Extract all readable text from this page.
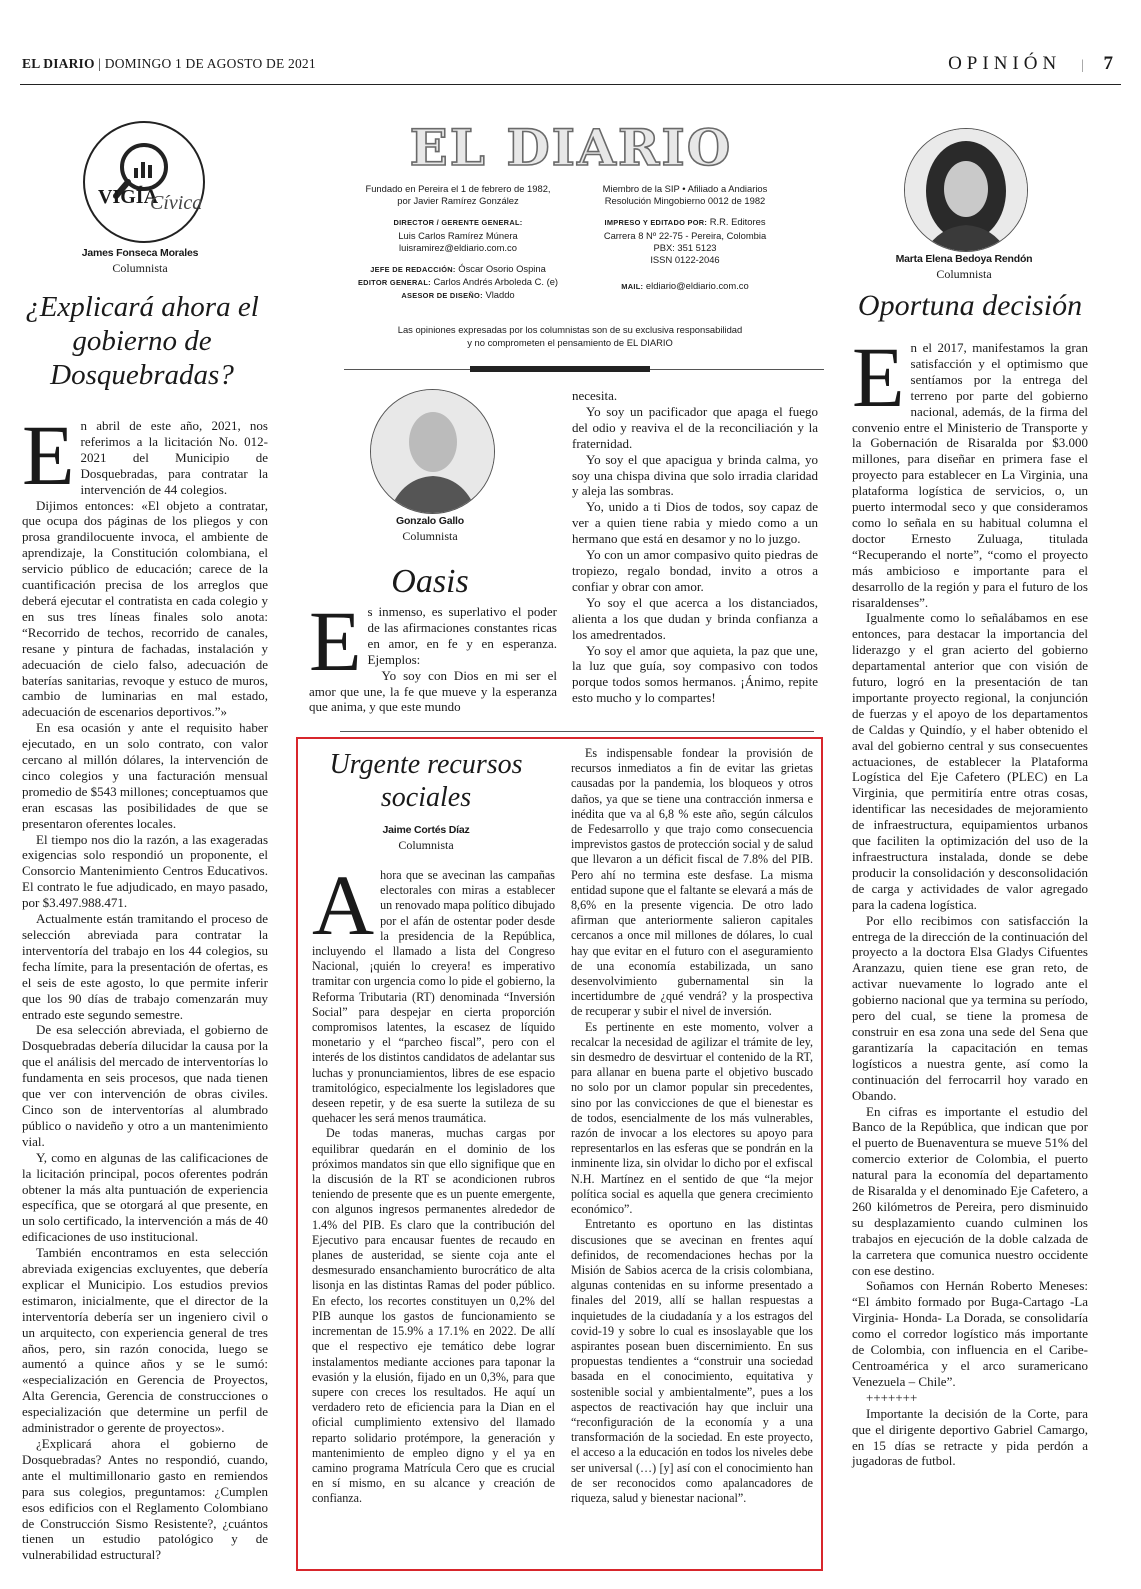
EL DIARIO | DOMINGO 1 DE AGOSTO DE 2021	OPINIÓN | 7
EL DIARIO

Fundado en Pereira el 1 de febrero de 1982,
por Javier Ramírez González

DIRECTOR / GERENTE GENERAL:
Luis Carlos Ramírez Múnera
luisramirez@eldiario.com.co

JEFE DE REDACCIÓN: Óscar Osorio Ospina
EDITOR GENERAL: Carlos Andrés Arboleda C. (e)
ASESOR DE DISEÑO: Vladdo

Miembro de la SIP • Afiliado a Andiarios
Resolución Mingobierno 0012 de 1982

IMPRESO Y EDITADO POR: R.R. Editores
Carrera 8 Nº 22-75 - Pereira, Colombia
PBX: 351 5123
ISSN 0122-2046

MAIL: eldiario@eldiario.com.co

Las opiniones expresadas por los columnistas son de su exclusiva responsabilidad
y no comprometen el pensamiento de EL DIARIO
VIGÍA
Cívica
James Fonseca Morales
Columnista
¿Explicará ahora el gobierno de Dosquebradas?
E n abril de este año, 2021, nos referimos a la licitación No. 012-2021 del Municipio de Dosquebradas, para contratar la intervención de 44 colegios.

Dijimos entonces: «El objeto a contratar, que ocupa dos páginas de los pliegos y con prosa grandilocuente invoca, el ambiente de aprendizaje, la Constitución colombiana, el servicio público de educación; carece de la cuantificación precisa de los arreglos que deberá ejecutar el contratista en cada colegio y en sus tres líneas finales solo anota: “Recorrido de techos, recorrido de canales, resane y pintura de fachadas, instalación y adecuación de cielo falso, adecuación de baterías sanitarias, revoque y estuco de muros, cambio de luminarias en mal estado, adecuación de escenarios deportivos.”»

En esa ocasión y ante el requisito haber ejecutado, en un solo contrato, con valor cercano al millón dólares, la intervención de cinco colegios y una facturación mensual promedio de $543 millones; conceptuamos que eran escasas las posibilidades de que se presentaron oferentes locales.

El tiempo nos dio la razón, a las exageradas exigencias solo respondió un proponente, el Consorcio Mantenimiento Centros Educativos. El contrato le fue adjudicado, en mayo pasado, por $3.497.988.471.

Actualmente están tramitando el proceso de selección abreviada para contratar la interventoría del trabajo en los 44 colegios, su fecha límite, para la presentación de ofertas, es el seis de este agosto, lo que permite inferir que los 90 días de trabajo comenzarán muy entrado este segundo semestre.

De esa selección abreviada, el gobierno de Dosquebradas debería dilucidar la causa por la que el análisis del mercado de interventorías lo fundamenta en seis procesos, que nada tienen que ver con intervención de obras civiles. Cinco son de interventorías al alumbrado público o navideño y otro a un mantenimiento vial.

Y, como en algunas de las calificaciones de la licitación principal, pocos oferentes podrán obtener la más alta puntuación de experiencia específica, que se otorgará al que presente, en un solo certificado, la intervención a más de 40 edificaciones de uso institucional.

También encontramos en esta selección abreviada exigencias excluyentes, que debería explicar el Municipio. Los estudios previos estimaron, inicialmente, que el director de la interventoría debería ser un ingeniero civil o un arquitecto, con experiencia general de tres años, pero, sin razón conocida, luego se aumentó a quince años y se le sumó: «especialización en Gerencia de Proyectos, Alta Gerencia, Gerencia de construcciones o especialización que determine un perfil de administrador o gerente de proyectos».

¿Explicará ahora el gobierno de Dosquebradas? Antes no respondió, cuando, ante el multimillonario gasto en remiendos para sus colegios, preguntamos: ¿Cumplen esos edificios con el Reglamento Colombiano de Construcción Sismo Resistente?, ¿cuántos tienen un estudio patológico y de vulnerabilidad estructural?

Gonzalo Gallo
Columnista
Oasis
E s inmenso, es superlativo el poder de las afirmaciones constantes ricas en amor, en fe y en esperanza. Ejemplos:

Yo soy con Dios en mi ser el amor que une, la fe que mueve y la esperanza que anima, y que este mundo

necesita.

Yo soy un pacificador que apaga el fuego del odio y reaviva el de la reconciliación y la fraternidad.

Yo soy el que apacigua y brinda calma, yo soy una chispa divina que solo irradia claridad y aleja las sombras.

Yo, unido a ti Dios de todos, soy capaz de ver a quien tiene rabia y miedo como a un hermano que está en desamor y no lo juzgo.

Yo con un amor compasivo quito piedras de tropiezo, regalo bondad, invito a otros a confiar y obrar con amor.

Yo soy el que acerca a los distanciados, alienta a los que dudan y brinda confianza a los amedrentados.

Yo soy el amor que aquieta, la paz que une, la luz que guía, soy compasivo con todos porque todos somos hermanos. ¡Ánimo, repite esto mucho y lo compartes!

Urgente recursos sociales
Jaime Cortés Díaz
Columnista
A hora que se avecinan las campañas electorales con miras a establecer un renovado mapa político dibujado por el afán de ostentar poder desde la presidencia de la República, incluyendo el llamado a lista del Congreso Nacional, ¡quién lo creyera! es imperativo tramitar con urgencia como lo pide el gobierno, la Reforma Tributaria (RT) denominada “Inversión Social” para despejar en cierta proporción compromisos latentes, la escasez de líquido monetario y el “parcheo fiscal”, pero con el interés de los distintos candidatos de adelantar sus luchas y pronunciamientos, libres de ese espacio tramitológico, especialmente los legisladores que deseen repetir, y de esa suerte la sutileza de su quehacer les será menos traumática.

De todas maneras, muchas cargas por equilibrar quedarán en el dominio de los próximos mandatos sin que ello signifique que en la discusión de la RT se acondicionen rubros teniendo de presente que es un puente emergente, con algunos ingresos permanentes alrededor de 1.4% del PIB. Es claro que la contribución del Ejecutivo para encausar fuentes de recaudo en planes de austeridad, se siente coja ante el desmesurado ensanchamiento burocrático de alta lisonja en las distintas Ramas del poder público. En efecto, los recortes constituyen un 0,2% del PIB aunque los gastos de funcionamiento se incrementan de 15.9% a 17.1% en 2022. De allí que el respectivo eje temático debe lograr instalamentos mediante acciones para taponar la evasión y la elusión, fijado en un 0,3%, para que supere con creces los resultados. He aquí un verdadero reto de eficiencia para la Dian en el oficial cumplimiento extensivo del llamado reparto solidario protémpore, la generación y mantenimiento de empleo digno y el ya en camino programa Matrícula Cero que es crucial en sí mismo, en su alcance y creación de confianza.

Es indispensable fondear la provisión de recursos inmediatos a fin de evitar las grietas causadas por la pandemia, los bloqueos y otros daños, ya que se tiene una contracción inmersa e inédita que va al 6,8 % este año, según cálculos de Fedesarrollo y que trajo como consecuencia imprevistos gastos de protección social y de salud que llevaron a un déficit fiscal de 7.8% del PIB. Pero ahí no termina este desfase. La misma entidad supone que el faltante se elevará a más de 8,6% en la presente vigencia. De otro lado afirman que anteriormente salieron capitales cercanos a once mil millones de dólares, lo cual hay que evitar en el futuro con el aseguramiento de una economía estabilizada, un sano desenvolvimiento gubernamental sin la incertidumbre de ¿qué vendrá? y la prospectiva de recuperar y subir el nivel de inversión.

Es pertinente en este momento, volver a recalcar la necesidad de agilizar el trámite de ley, sin desmedro de desvirtuar el contenido de la RT, para allanar en buena parte el objetivo buscado no solo por un clamor popular sin precedentes, sino por las convicciones de que el bienestar es de todos, esencialmente de los más vulnerables, razón de invocar a los electores su apoyo para representarlos en las esferas que se pondrán en la inminente liza, sin olvidar lo dicho por el exfiscal N.H. Martínez en el sentido de que “la mejor política social es aquella que genera crecimiento económico”.

Entretanto es oportuno en las distintas discusiones que se avecinan en frentes aquí definidos, de recomendaciones hechas por la Misión de Sabios acerca de la crisis colombiana, algunas contenidas en su informe presentado a finales del 2019, allí se hallan respuestas a inquietudes de la ciudadanía y a los estragos del covid-19 y sobre lo cual es insoslayable que los aspirantes posean buen discernimiento. En sus propuestas tendientes a “construir una sociedad basada en el conocimiento, equitativa y sostenible social y ambientalmente”, pues a los aspectos de reactivación hay que incluir una “reconfiguración de la economía y a una transformación de la sociedad. En este proyecto, el acceso a la educación en todos los niveles debe ser universal (…) [y] así con el conocimiento han de ser reconocidos como apalancadores de riqueza, salud y bienestar nacional”.

Marta Elena Bedoya Rendón
Columnista
Oportuna decisión
E n el 2017, manifestamos la gran satisfacción y el optimismo que sentíamos por la entrega del terreno por parte del gobierno nacional, además, de la firma del convenio entre el Ministerio de Transporte y la Gobernación de Risaralda por $3.000 millones, para diseñar en primera fase el proyecto para establecer en La Virginia, una plataforma logística de servicios, o, un puerto intermodal seco y que consideramos como lo señala en su habitual columna el doctor Ernesto Zuluaga, titulada “Recuperando el norte”, “como el proyecto más ambicioso e importante para el desarrollo de la región y para el futuro de los risaraldenses”.

Igualmente como lo señalábamos en ese entonces, para destacar la importancia del liderazgo y el gran acierto del gobierno departamental anterior que con visión de futuro, logró en la presentación de tan importante proyecto regional, la conjunción de fuerzas y el apoyo de los departamentos de Caldas y Quindío, y el haber obtenido el aval del gobierno central y sus consecuentes actuaciones, de establecer la Plataforma Logística del Eje Cafetero (PLEC) en La Virginia, que permitiría entre otras cosas, identificar las necesidades de mejoramiento de infraestructura, equipamientos urbanos que faciliten la optimización del uso de la infraestructura instalada, donde se debe producir la consolidación y desconsolidación de carga y actividades de valor agregado para la cadena logística.

Por ello recibimos con satisfacción la entrega de la dirección de la continuación del proyecto a la doctora Elsa Gladys Cifuentes Aranzazu, quien tiene ese gran reto, de activar nuevamente lo logrado ante el gobierno nacional que ya termina su período, pero del cual, se tiene la promesa de construir en esa zona una sede del Sena que garantizaría la capacitación en temas logísticos a nuestra gente, así como la continuación del ferrocarril hoy varado en Obando.

En cifras es importante el estudio del Banco de la República, que indican que por el puerto de Buenaventura se mueve 51% del comercio exterior de Colombia, el puerto natural para la economía del departamento de Risaralda y el denominado Eje Cafetero, a 260 kilómetros de Pereira, pero disminuido su desplazamiento cuando culminen los trabajos en ejecución de la doble calzada de la carretera que comunica nuestro occidente con ese destino.

Soñamos con Hernán Roberto Meneses: “El ámbito formado por Buga-Cartago -La Virginia- Honda- La Dorada, se consolidaría como el corredor logístico más importante de Colombia, con influencia en el Caribe-Centroamérica y el arco suramericano Venezuela – Chile”.

+++++++

Importante la decisión de la Corte, para que el dirigente deportivo Gabriel Camargo, en 15 días se retracte y pida perdón a jugadoras de futbol.
